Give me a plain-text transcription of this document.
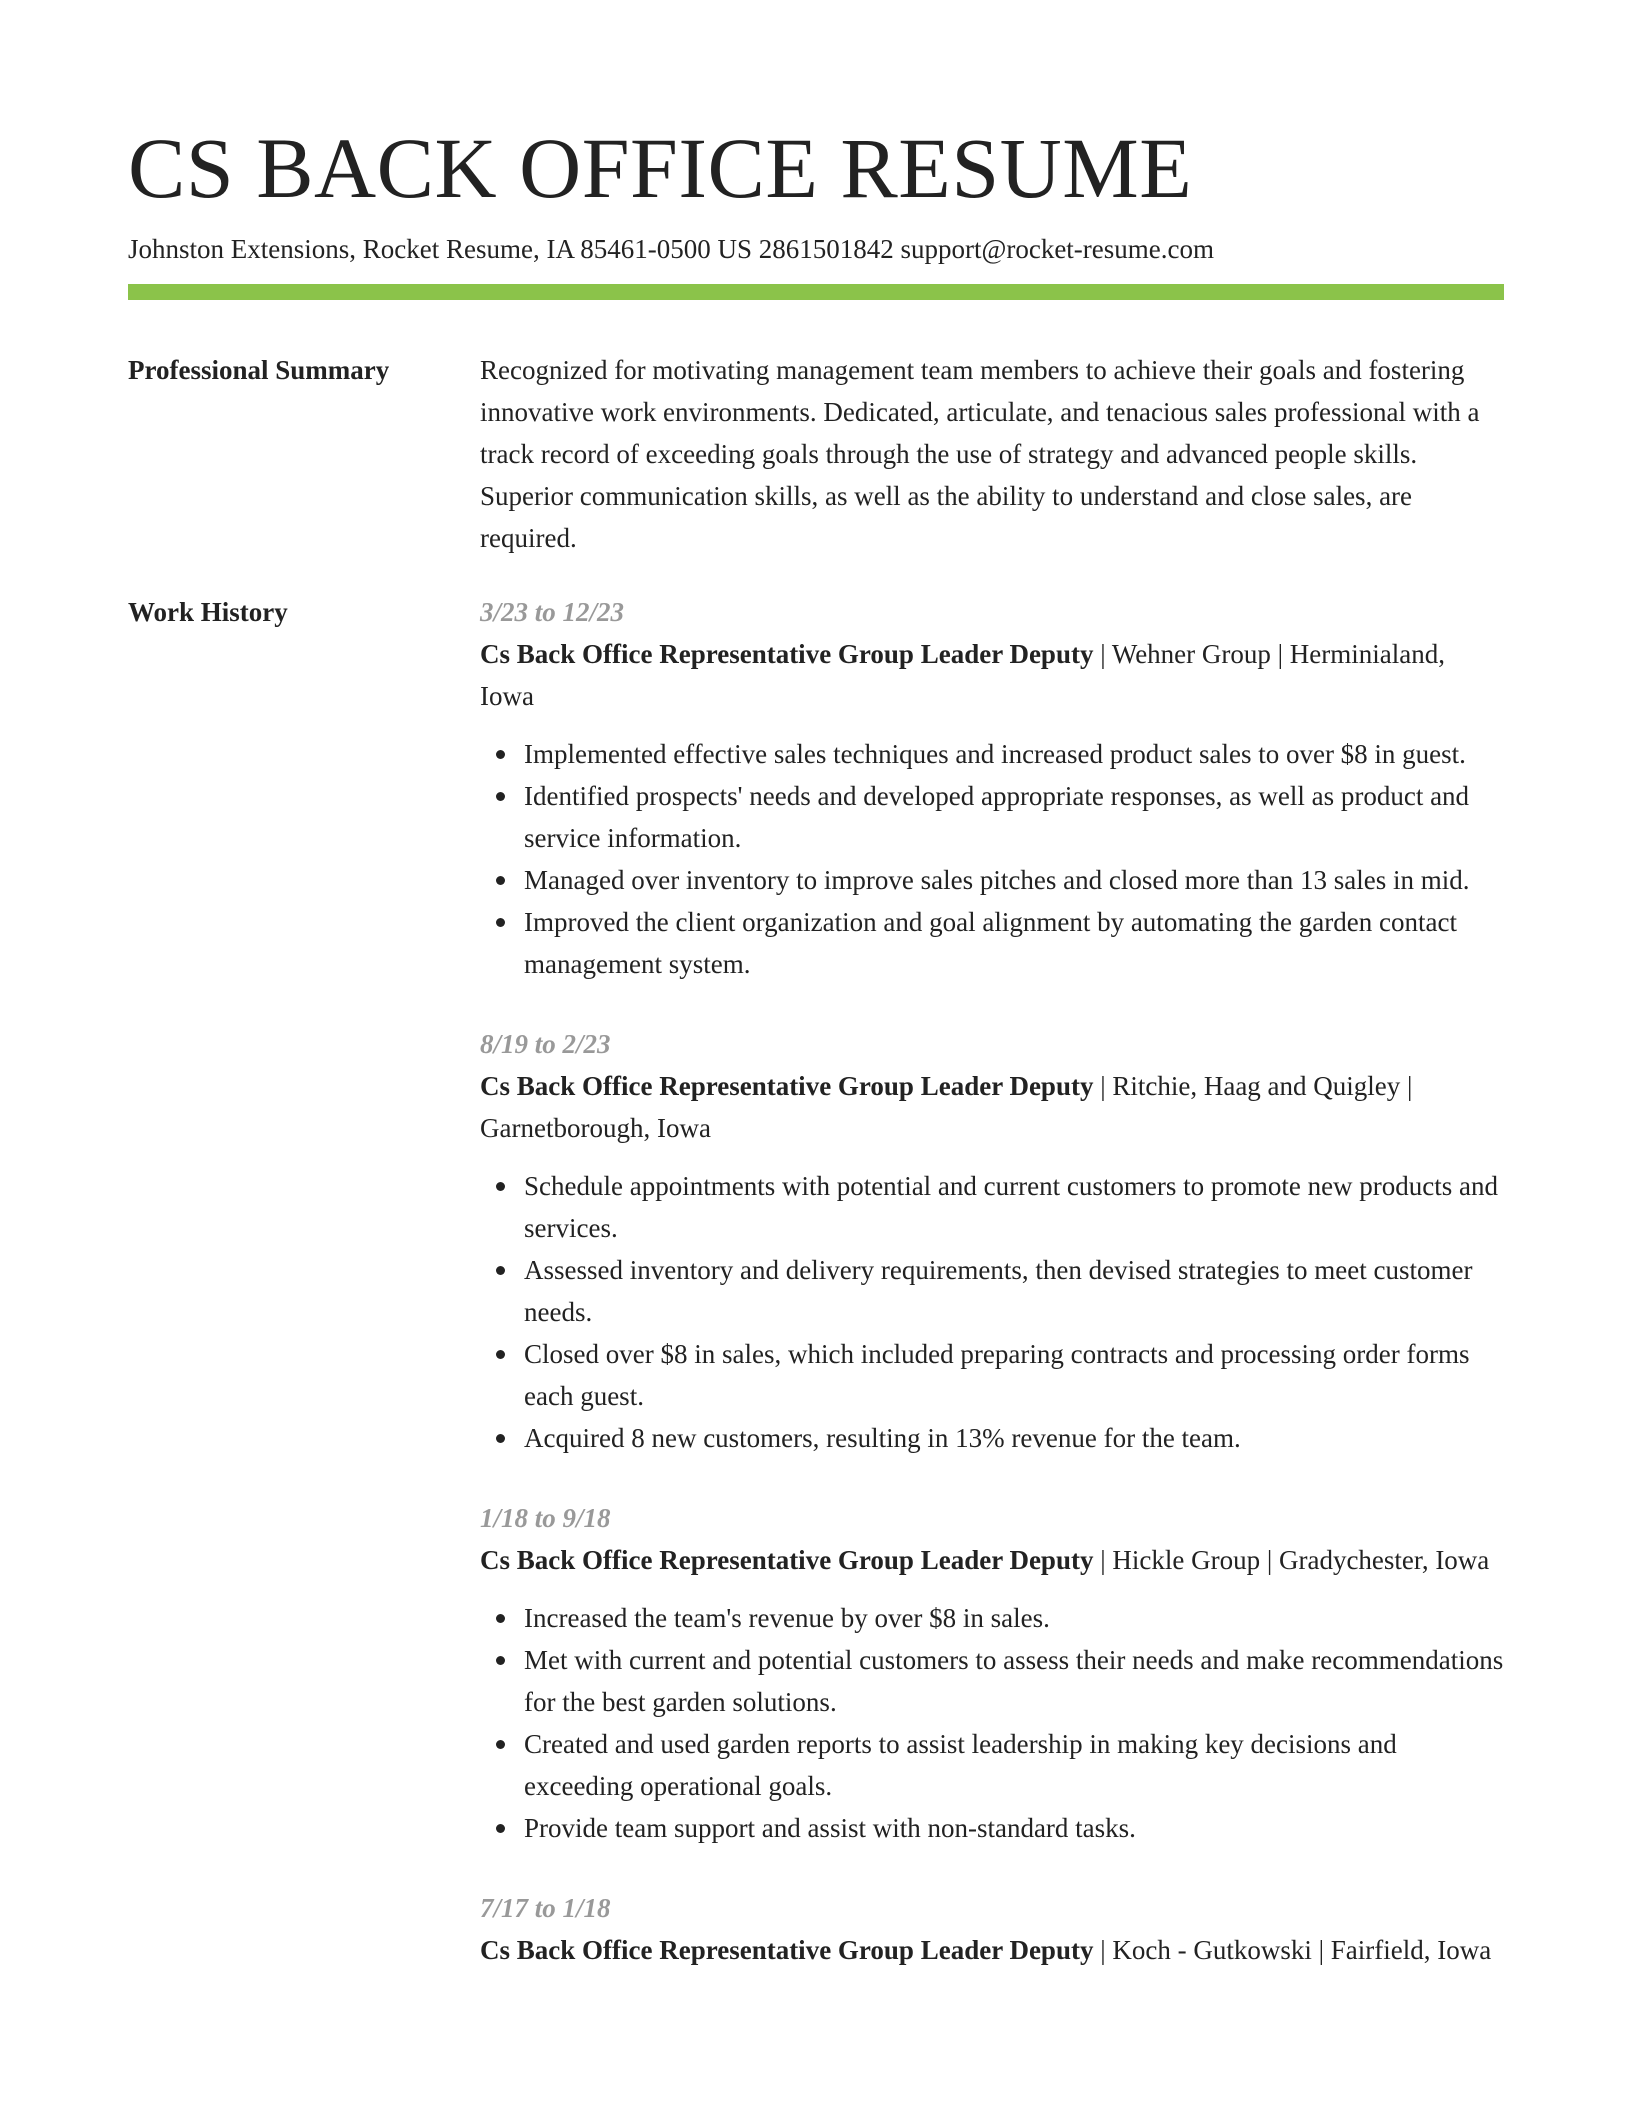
CS BACK OFFICE RESUME
Johnston Extensions, Rocket Resume, IA 85461-0500 US 2861501842 support@rocket-resume.com
Professional Summary	Recognized for motivating management team members to achieve their goals and fostering innovative work environments. Dedicated, articulate, and tenacious sales professional with a track record of exceeding goals through the use of strategy and advanced people skills. Superior communication skills, as well as the ability to understand and close sales, are required.
Work History	3/23 to 12/23
Cs Back Office Representative Group Leader Deputy | Wehner Group | Herminialand, Iowa
Implemented effective sales techniques and increased product sales to over $8 in guest.
Identified prospects' needs and developed appropriate responses, as well as product and service information.
Managed over inventory to improve sales pitches and closed more than 13 sales in mid.
Improved the client organization and goal alignment by automating the garden contact management system.
8/19 to 2/23
Cs Back Office Representative Group Leader Deputy | Ritchie, Haag and Quigley | Garnetborough, Iowa
Schedule appointments with potential and current customers to promote new products and services.
Assessed inventory and delivery requirements, then devised strategies to meet customer needs.
Closed over $8 in sales, which included preparing contracts and processing order forms each guest.
Acquired 8 new customers, resulting in 13% revenue for the team.
1/18 to 9/18
Cs Back Office Representative Group Leader Deputy | Hickle Group | Gradychester, Iowa
Increased the team's revenue by over $8 in sales.
Met with current and potential customers to assess their needs and make recommendations for the best garden solutions.
Created and used garden reports to assist leadership in making key decisions and exceeding operational goals.
Provide team support and assist with non-standard tasks.
7/17 to 1/18
Cs Back Office Representative Group Leader Deputy | Koch - Gutkowski | Fairfield, Iowa
